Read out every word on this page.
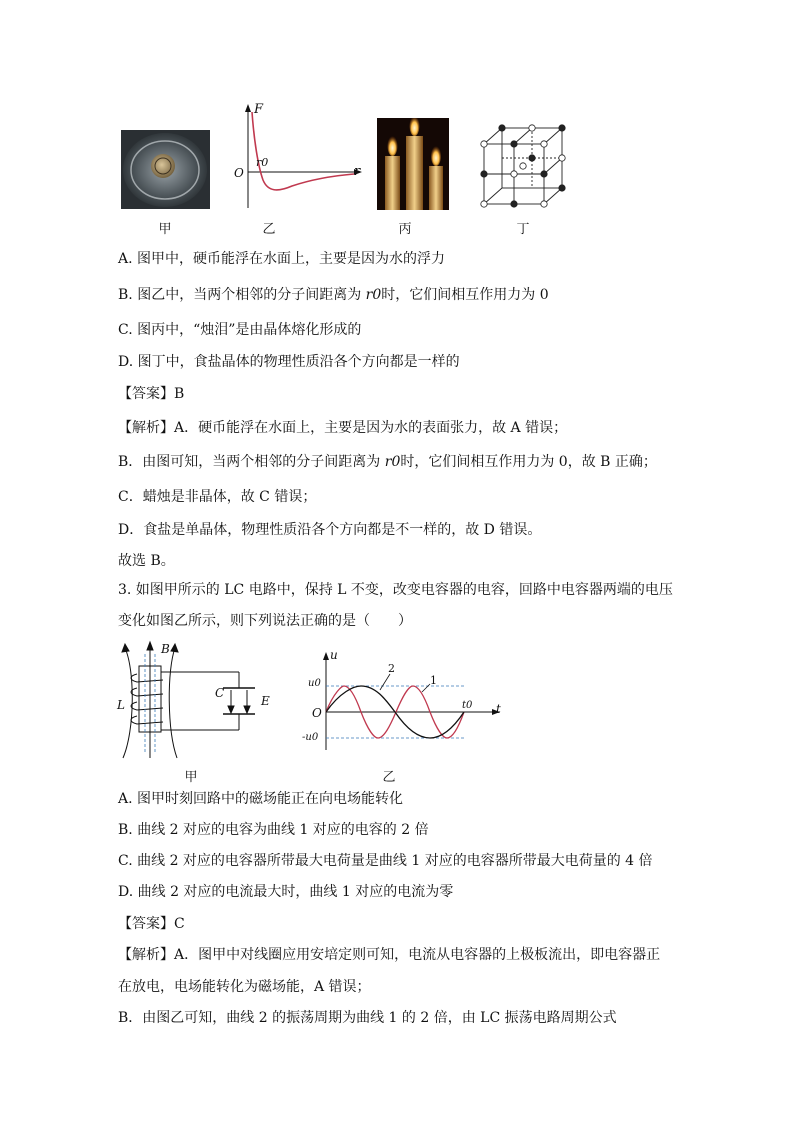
甲
F
O	r
r0
乙	丙	丁
A. 图甲中，硬币能浮在水面上，主要是因为水的浮力
B. 图乙中，当两个相邻的分子间距离为 r0时，它们间相互作用力为 0
C. 图丙中，“烛泪”是由晶体熔化形成的
D. 图丁中，食盐晶体的物理性质沿各个方向都是一样的
【答案】B
【解析】A．硬币能浮在水面上，主要是因为水的表面张力，故 A 错误；
B．由图可知，当两个相邻的分子间距离为 r0时，它们间相互作用力为 0，故 B 正确；
C．蜡烛是非晶体，故 C 错误；
D．食盐是单晶体，物理性质沿各个方向都是不一样的，故 D 错误。
故选 B。
3. 如图甲所示的 LC 电路中，保持 L 不变，改变电容器的电容，回路中电容器两端的电压
变化如图乙所示，则下列说法正确的是（　　）
B
C
L	E
甲
u
t
O
u0
-u0
t0
2
1
乙
A. 图甲时刻回路中的磁场能正在向电场能转化
B. 曲线 2 对应的电容为曲线 1 对应的电容的 2 倍
C. 曲线 2 对应的电容器所带最大电荷量是曲线 1 对应的电容器所带最大电荷量的 4 倍
D. 曲线 2 对应的电流最大时，曲线 1 对应的电流为零
【答案】C
【解析】A．图甲中对线圈应用安培定则可知，电流从电容器的上极板流出，即电容器正
在放电，电场能转化为磁场能，A 错误；
B．由图乙可知，曲线 2 的振荡周期为曲线 1 的 2 倍，由 LC 振荡电路周期公式
